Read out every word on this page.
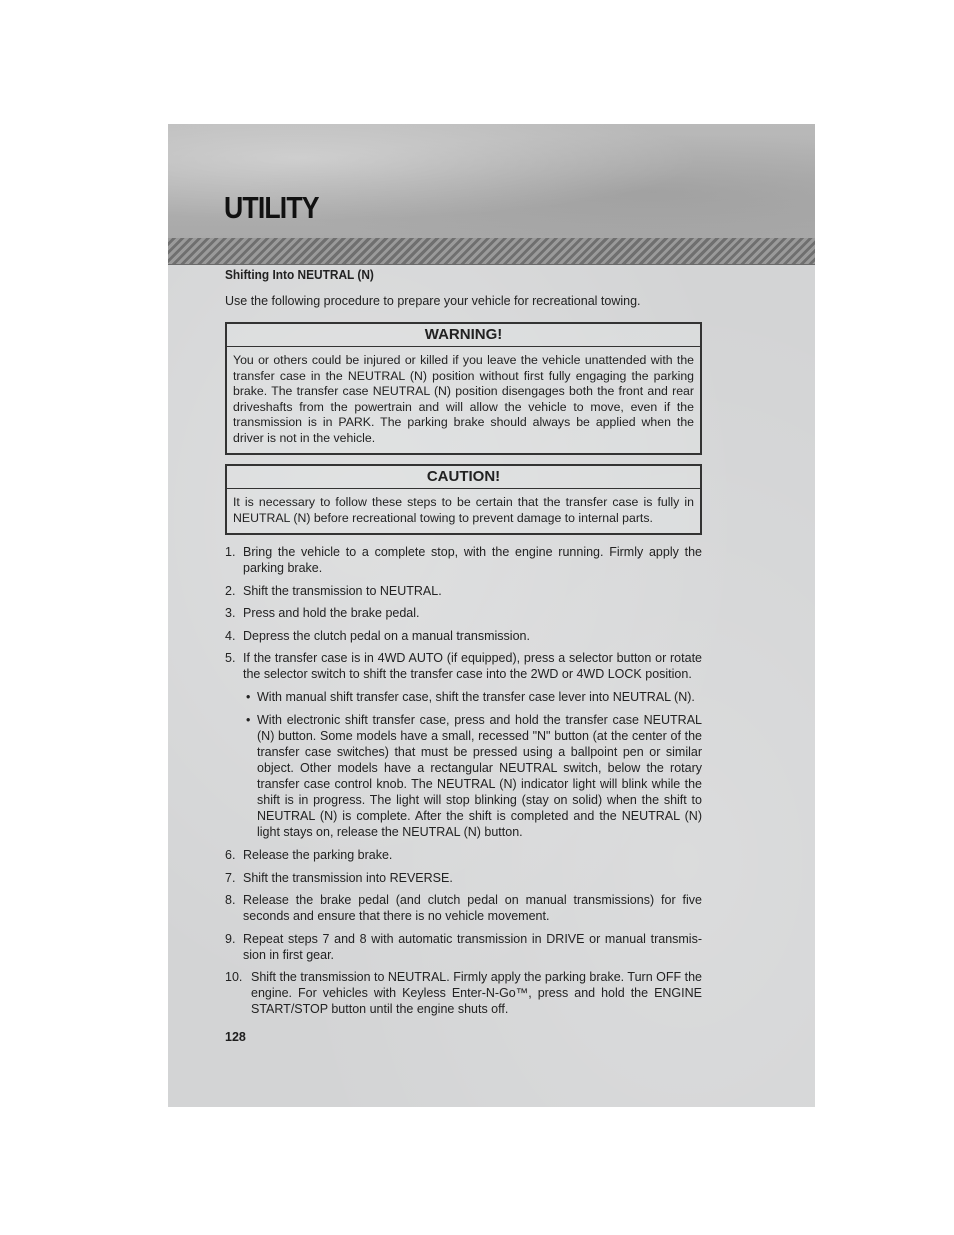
UTILITY
Shifting Into NEUTRAL (N)
Use the following procedure to prepare your vehicle for recreational towing.
WARNING!
You or others could be injured or killed if you leave the vehicle unattended with the transfer case in the NEUTRAL (N) position without first fully engaging the parking brake. The transfer case NEUTRAL (N) position disengages both the front and rear driveshafts from the powertrain and will allow the vehicle to move, even if the transmission is in PARK. The parking brake should always be applied when the driver is not in the vehicle.
CAUTION!
It is necessary to follow these steps to be certain that the transfer case is fully in NEUTRAL (N) before recreational towing to prevent damage to internal parts.
1. Bring the vehicle to a complete stop, with the engine running. Firmly apply the parking brake.
2. Shift the transmission to NEUTRAL.
3. Press and hold the brake pedal.
4. Depress the clutch pedal on a manual transmission.
5. If the transfer case is in 4WD AUTO (if equipped), press a selector button or rotate the selector switch to shift the transfer case into the 2WD or 4WD LOCK position.
• With manual shift transfer case, shift the transfer case lever into NEUTRAL (N).
• With electronic shift transfer case, press and hold the transfer case NEUTRAL (N) button. Some models have a small, recessed "N" button (at the center of the transfer case switches) that must be pressed using a ballpoint pen or similar object. Other models have a rectangular NEUTRAL switch, below the rotary transfer case control knob. The NEUTRAL (N) indicator light will blink while the shift is in progress. The light will stop blinking (stay on solid) when the shift to NEUTRAL (N) is complete. After the shift is completed and the NEUTRAL (N) light stays on, release the NEUTRAL (N) button.
6. Release the parking brake.
7. Shift the transmission into REVERSE.
8. Release the brake pedal (and clutch pedal on manual transmissions) for five seconds and ensure that there is no vehicle movement.
9. Repeat steps 7 and 8 with automatic transmission in DRIVE or manual transmis-sion in first gear.
10. Shift the transmission to NEUTRAL. Firmly apply the parking brake. Turn OFF the engine. For vehicles with Keyless Enter-N-Go™, press and hold the ENGINE START/STOP button until the engine shuts off.
128
